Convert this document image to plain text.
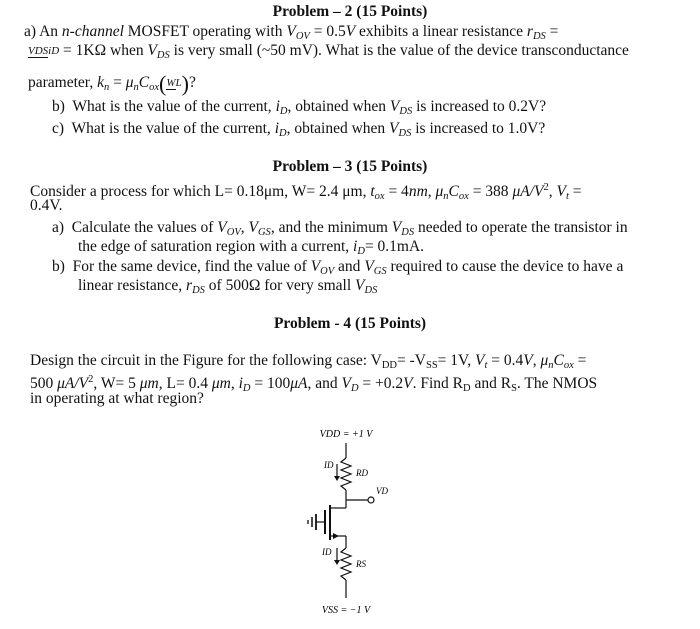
Problem – 2 (15 Points)
a) An n-channel MOSFET operating with $V_{OV} = 0.5V$ exhibits a linear resistance $r_{DS}$ =
VDSiD = 1KΩ when $V_{DS}$ is very small (~50 mV). What is the value of the device transconductance
parameter, $k_n = \mu_nC_{ox}(WL)$?
b) What is the value of the current, $i_D$, obtained when $V_{DS}$ is increased to 0.2V?
c) What is the value of the current, $i_D$, obtained when $V_{DS}$ is increased to 1.0V?
Problem – 3 (15 Points)
Consider a process for which L= 0.18μm, W= 2.4 μm, $t_{ox} = 4nm$, $\mu_nC_{ox} = 388$ $\mu A/V^2$, $V_t$ =
0.4V.
a) Calculate the values of $V_{OV}$, $V_{GS}$, and the minimum $V_{DS}$ needed to operate the transistor in
the edge of saturation region with a current, $i_D= 0.1mA$.
b) For the same device, find the value of $V_{OV}$ and $V_{GS}$ required to cause the device to have a
linear resistance, $r_{DS}$ of 500Ω for very small $V_{DS}$
Problem - 4 (15 Points)
Design the circuit in the Figure for the following case: $V_{DD}= -V_{SS}= 1V$, $V_t = 0.4V$, $\mu_nC_{ox}$ =
500 $\mu A/V^2$, W= 5 μm, L= 0.4 μm, $i_D = 100\mu A$, and $V_D = +0.2V$. Find $R_D$ and $R_S$. The NMOS
in operating at what region?
VDD = +1 V
ID
RD
VD
ID
RS
VSS = −1 V
